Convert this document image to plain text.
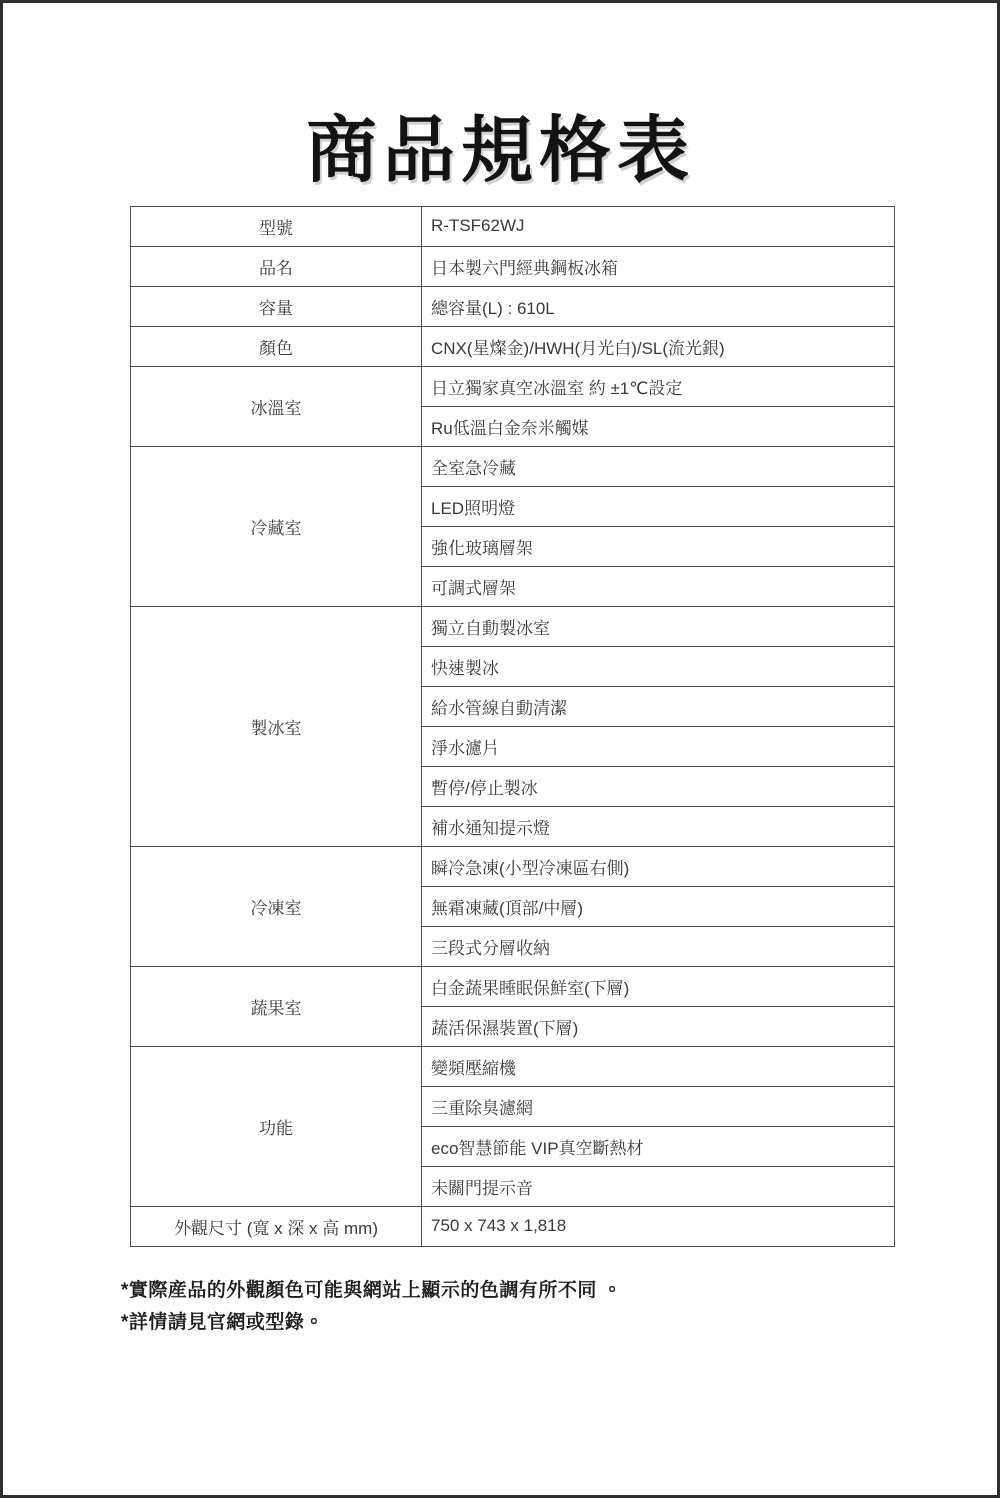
商品規格表
型號	R-TSF62WJ
品名	日本製六門經典鋼板冰箱
容量	總容量(L) : 610L
顏色	CNX(星燦金)/HWH(月光白)/SL(流光銀)
冰溫室	日立獨家真空冰溫室 約 ±1℃設定
	Ru低溫白金奈米觸媒
冷藏室	全室急冷藏
	LED照明燈
	強化玻璃層架
	可調式層架
製冰室	獨立自動製冰室
	快速製冰
	給水管線自動清潔
	淨水濾片
	暫停/停止製冰
	補水通知提示燈
冷凍室	瞬冷急凍(小型冷凍區右側)
	無霜凍藏(頂部/中層)
	三段式分層收納
蔬果室	白金蔬果睡眠保鮮室(下層)
	蔬活保濕裝置(下層)
功能	變頻壓縮機
	三重除臭濾網
	eco智慧節能 VIP真空斷熱材
	未關門提示音
外觀尺寸 (寬 x 深 x 高 mm)	750 x 743 x 1,818
*實際産品的外觀顏色可能與網站上顯示的色調有所不同 。
*詳情請見官網或型錄。
